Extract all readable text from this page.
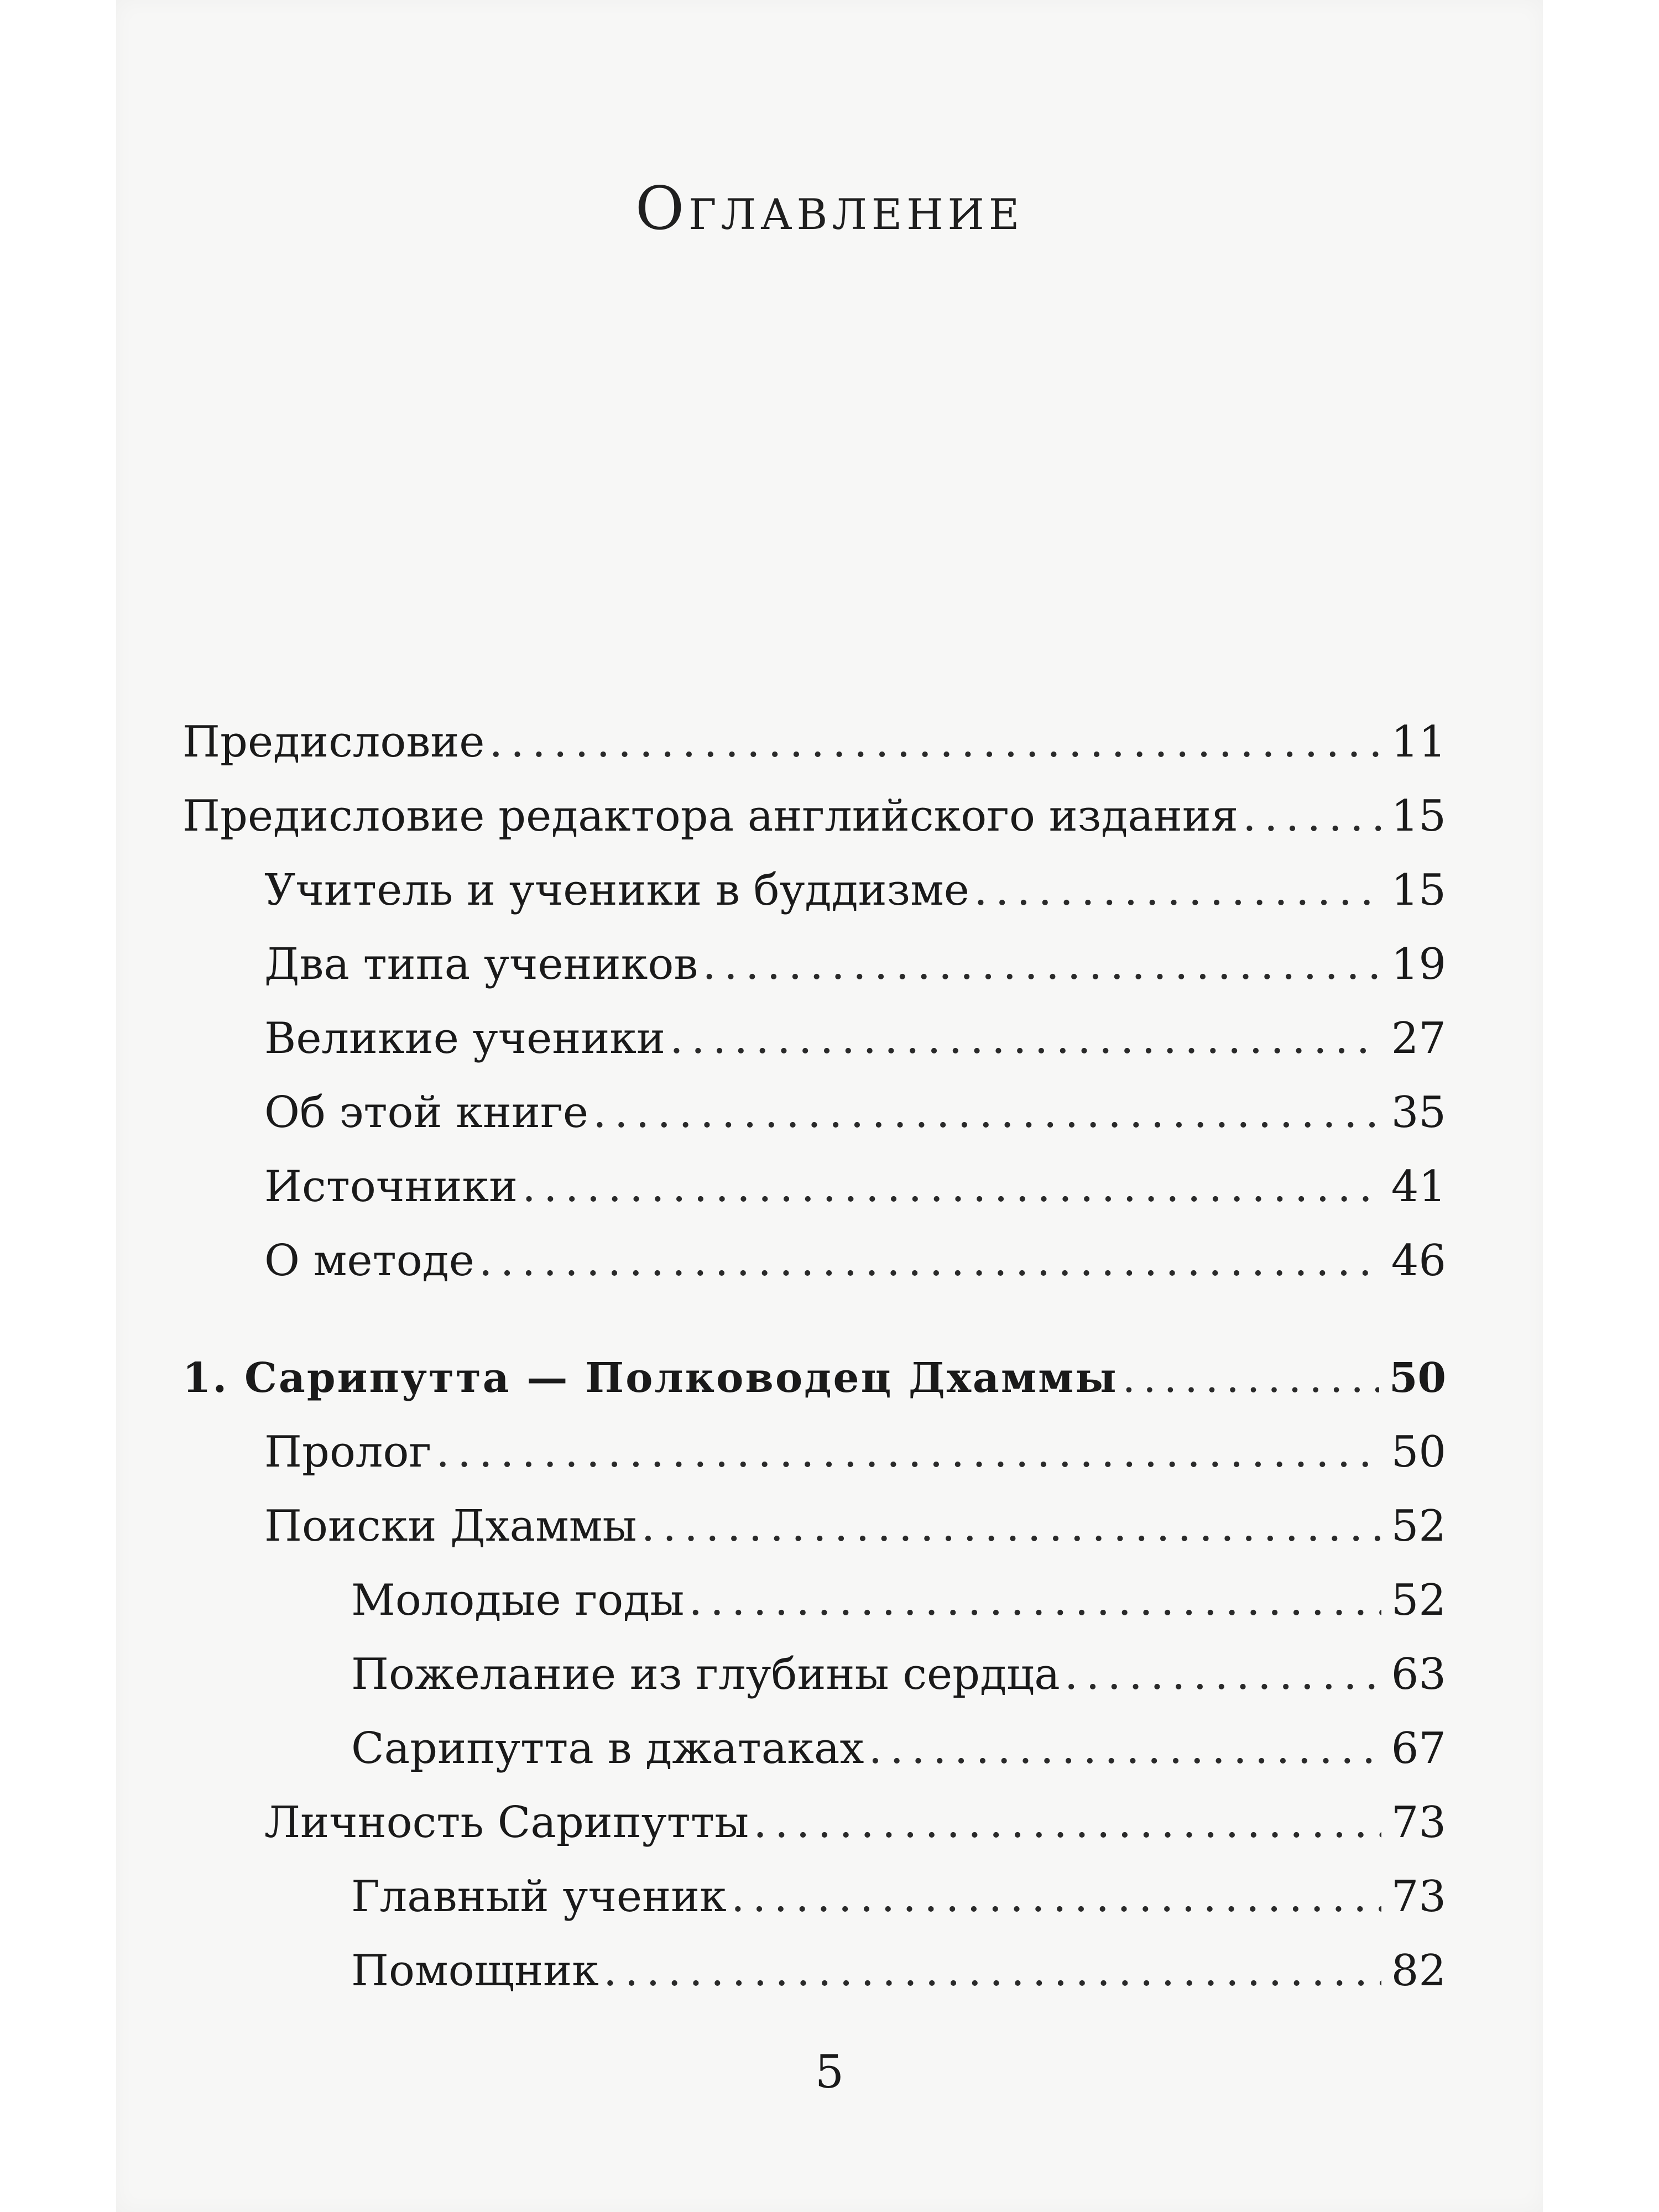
Оглавление
Предисловие .....	11
Предисловие редактора английского издания .....	15
Учитель и ученики в буддизме .....	15
Два типа учеников .....	19
Великие ученики .....	27
Об этой книге .....	35
Источники .....	41
О методе .....	46
1. Сарипутта — Полководец Дхаммы .....	50
Пролог .....	50
Поиски Дхаммы .....	52
Молодые годы .....	52
Пожелание из глубины сердца .....	63
Сарипутта в джатаках .....	67
Личность Сарипутты .....	73
Главный ученик .....	73
Помощник .....	82
5
